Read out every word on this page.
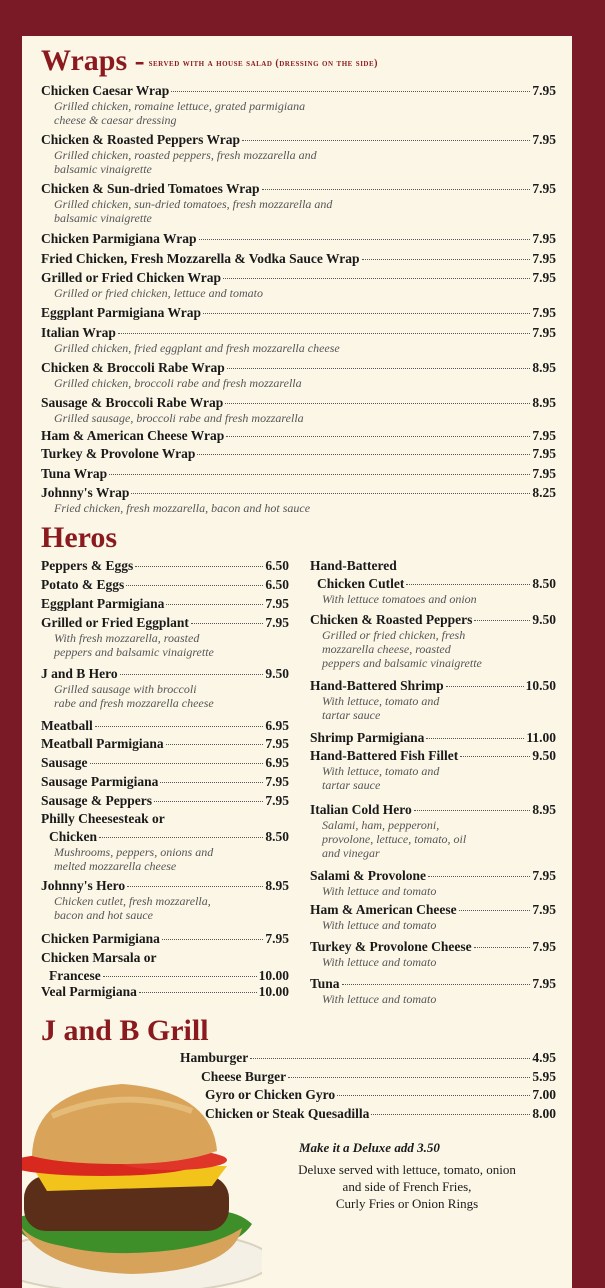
Wraps - $^{served with a house salad (dressing on the side)}$
Chicken Caesar Wrap	7.95
Grilled chicken, romaine lettuce, grated parmigiana
cheese & caesar dressing
Chicken & Roasted Peppers Wrap	7.95
Grilled chicken, roasted peppers, fresh mozzarella and
balsamic vinaigrette
Chicken & Sun-dried Tomatoes Wrap	7.95
Grilled chicken, sun-dried tomatoes, fresh mozzarella and
balsamic vinaigrette
Chicken Parmigiana Wrap	7.95
Fried Chicken, Fresh Mozzarella & Vodka Sauce Wrap	7.95
Grilled or Fried Chicken Wrap	7.95
Grilled or fried chicken, lettuce and tomato
Eggplant Parmigiana Wrap	7.95
Italian Wrap	7.95
Grilled chicken, fried eggplant and fresh mozzarella cheese
Chicken & Broccoli Rabe Wrap	8.95
Grilled chicken, broccoli rabe and fresh mozzarella
Sausage & Broccoli Rabe Wrap	8.95
Grilled sausage, broccoli rabe and fresh mozzarella
Ham & American Cheese Wrap	7.95
Turkey & Provolone Wrap	7.95
Tuna Wrap	7.95
Johnny's Wrap	8.25
Fried chicken, fresh mozzarella, bacon and hot sauce
Heros
Peppers & Eggs	6.50
Potato & Eggs	6.50
Eggplant Parmigiana	7.95
Grilled or Fried Eggplant	7.95
With fresh mozzarella, roasted
peppers and balsamic vinaigrette
J and B Hero	9.50
Grilled sausage with broccoli
rabe and fresh mozzarella cheese
Meatball	6.95
Meatball Parmigiana	7.95
Sausage	6.95
Sausage Parmigiana	7.95
Sausage & Peppers	7.95
Philly Cheesesteak or
Chicken	8.50
Mushrooms, peppers, onions and
melted mozzarella cheese
Johnny's Hero	8.95
Chicken cutlet, fresh mozzarella,
bacon and hot sauce
Chicken Parmigiana	7.95
Chicken Marsala or
Francese	10.00
Veal Parmigiana	10.00
Hand-Battered
Chicken Cutlet	8.50
With lettuce tomatoes and onion
Chicken & Roasted Peppers	9.50
Grilled or fried chicken, fresh
mozzarella cheese, roasted
peppers and balsamic vinaigrette
Hand-Battered Shrimp	10.50
With lettuce, tomato and
tartar sauce
Shrimp Parmigiana	11.00
Hand-Battered Fish Fillet	9.50
With lettuce, tomato and
tartar sauce
Italian Cold Hero	8.95
Salami, ham, pepperoni,
provolone, lettuce, tomato, oil
and vinegar
Salami & Provolone	7.95
With lettuce and tomato
Ham & American Cheese	7.95
With lettuce and tomato
Turkey & Provolone Cheese	7.95
With lettuce and tomato
Tuna	7.95
With lettuce and tomato
J and B Grill
Hamburger	4.95
Cheese Burger	5.95
Gyro or Chicken Gyro	7.00
Chicken or Steak Quesadilla	8.00
Make it a Deluxe add 3.50
Deluxe served with lettuce, tomato, onion
and side of French Fries,
Curly Fries or Onion Rings
